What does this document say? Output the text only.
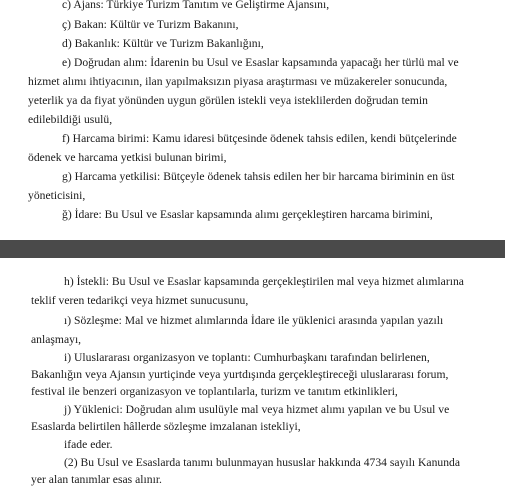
c) Ajans: Türkiye Turizm Tanıtım ve Geliştirme Ajansını,
ç) Bakan: Kültür ve Turizm Bakanını,
d) Bakanlık: Kültür ve Turizm Bakanlığını,
e) Doğrudan alım: İdarenin bu Usul ve Esaslar kapsamında yapacağı her türlü mal ve
hizmet alımı ihtiyacının, ilan yapılmaksızın piyasa araştırması ve müzakereler sonucunda,
yeterlik ya da fiyat yönünden uygun görülen istekli veya isteklilerden doğrudan temin
edilebildiği usulü,
f) Harcama birimi: Kamu idaresi bütçesinde ödenek tahsis edilen, kendi bütçelerinde
ödenek ve harcama yetkisi bulunan birimi,
g) Harcama yetkilisi: Bütçeyle ödenek tahsis edilen her bir harcama biriminin en üst
yöneticisini,
ğ) İdare: Bu Usul ve Esaslar kapsamında alımı gerçekleştiren harcama birimini,
h) İstekli: Bu Usul ve Esaslar kapsamında gerçekleştirilen mal veya hizmet alımlarına
teklif veren tedarikçi veya hizmet sunucusunu,
ı) Sözleşme: Mal ve hizmet alımlarında İdare ile yüklenici arasında yapılan yazılı
anlaşmayı,
i) Uluslararası organizasyon ve toplantı: Cumhurbaşkanı tarafından belirlenen,
Bakanlığın veya Ajansın yurtiçinde veya yurtdışında gerçekleştireceği uluslararası forum,
festival ile benzeri organizasyon ve toplantılarla, turizm ve tanıtım etkinlikleri,
j) Yüklenici: Doğrudan alım usulüyle mal veya hizmet alımı yapılan ve bu Usul ve
Esaslarda belirtilen hâllerde sözleşme imzalanan istekliyi,
ifade eder.
(2) Bu Usul ve Esaslarda tanımı bulunmayan hususlar hakkında 4734 sayılı Kanunda
yer alan tanımlar esas alınır.
